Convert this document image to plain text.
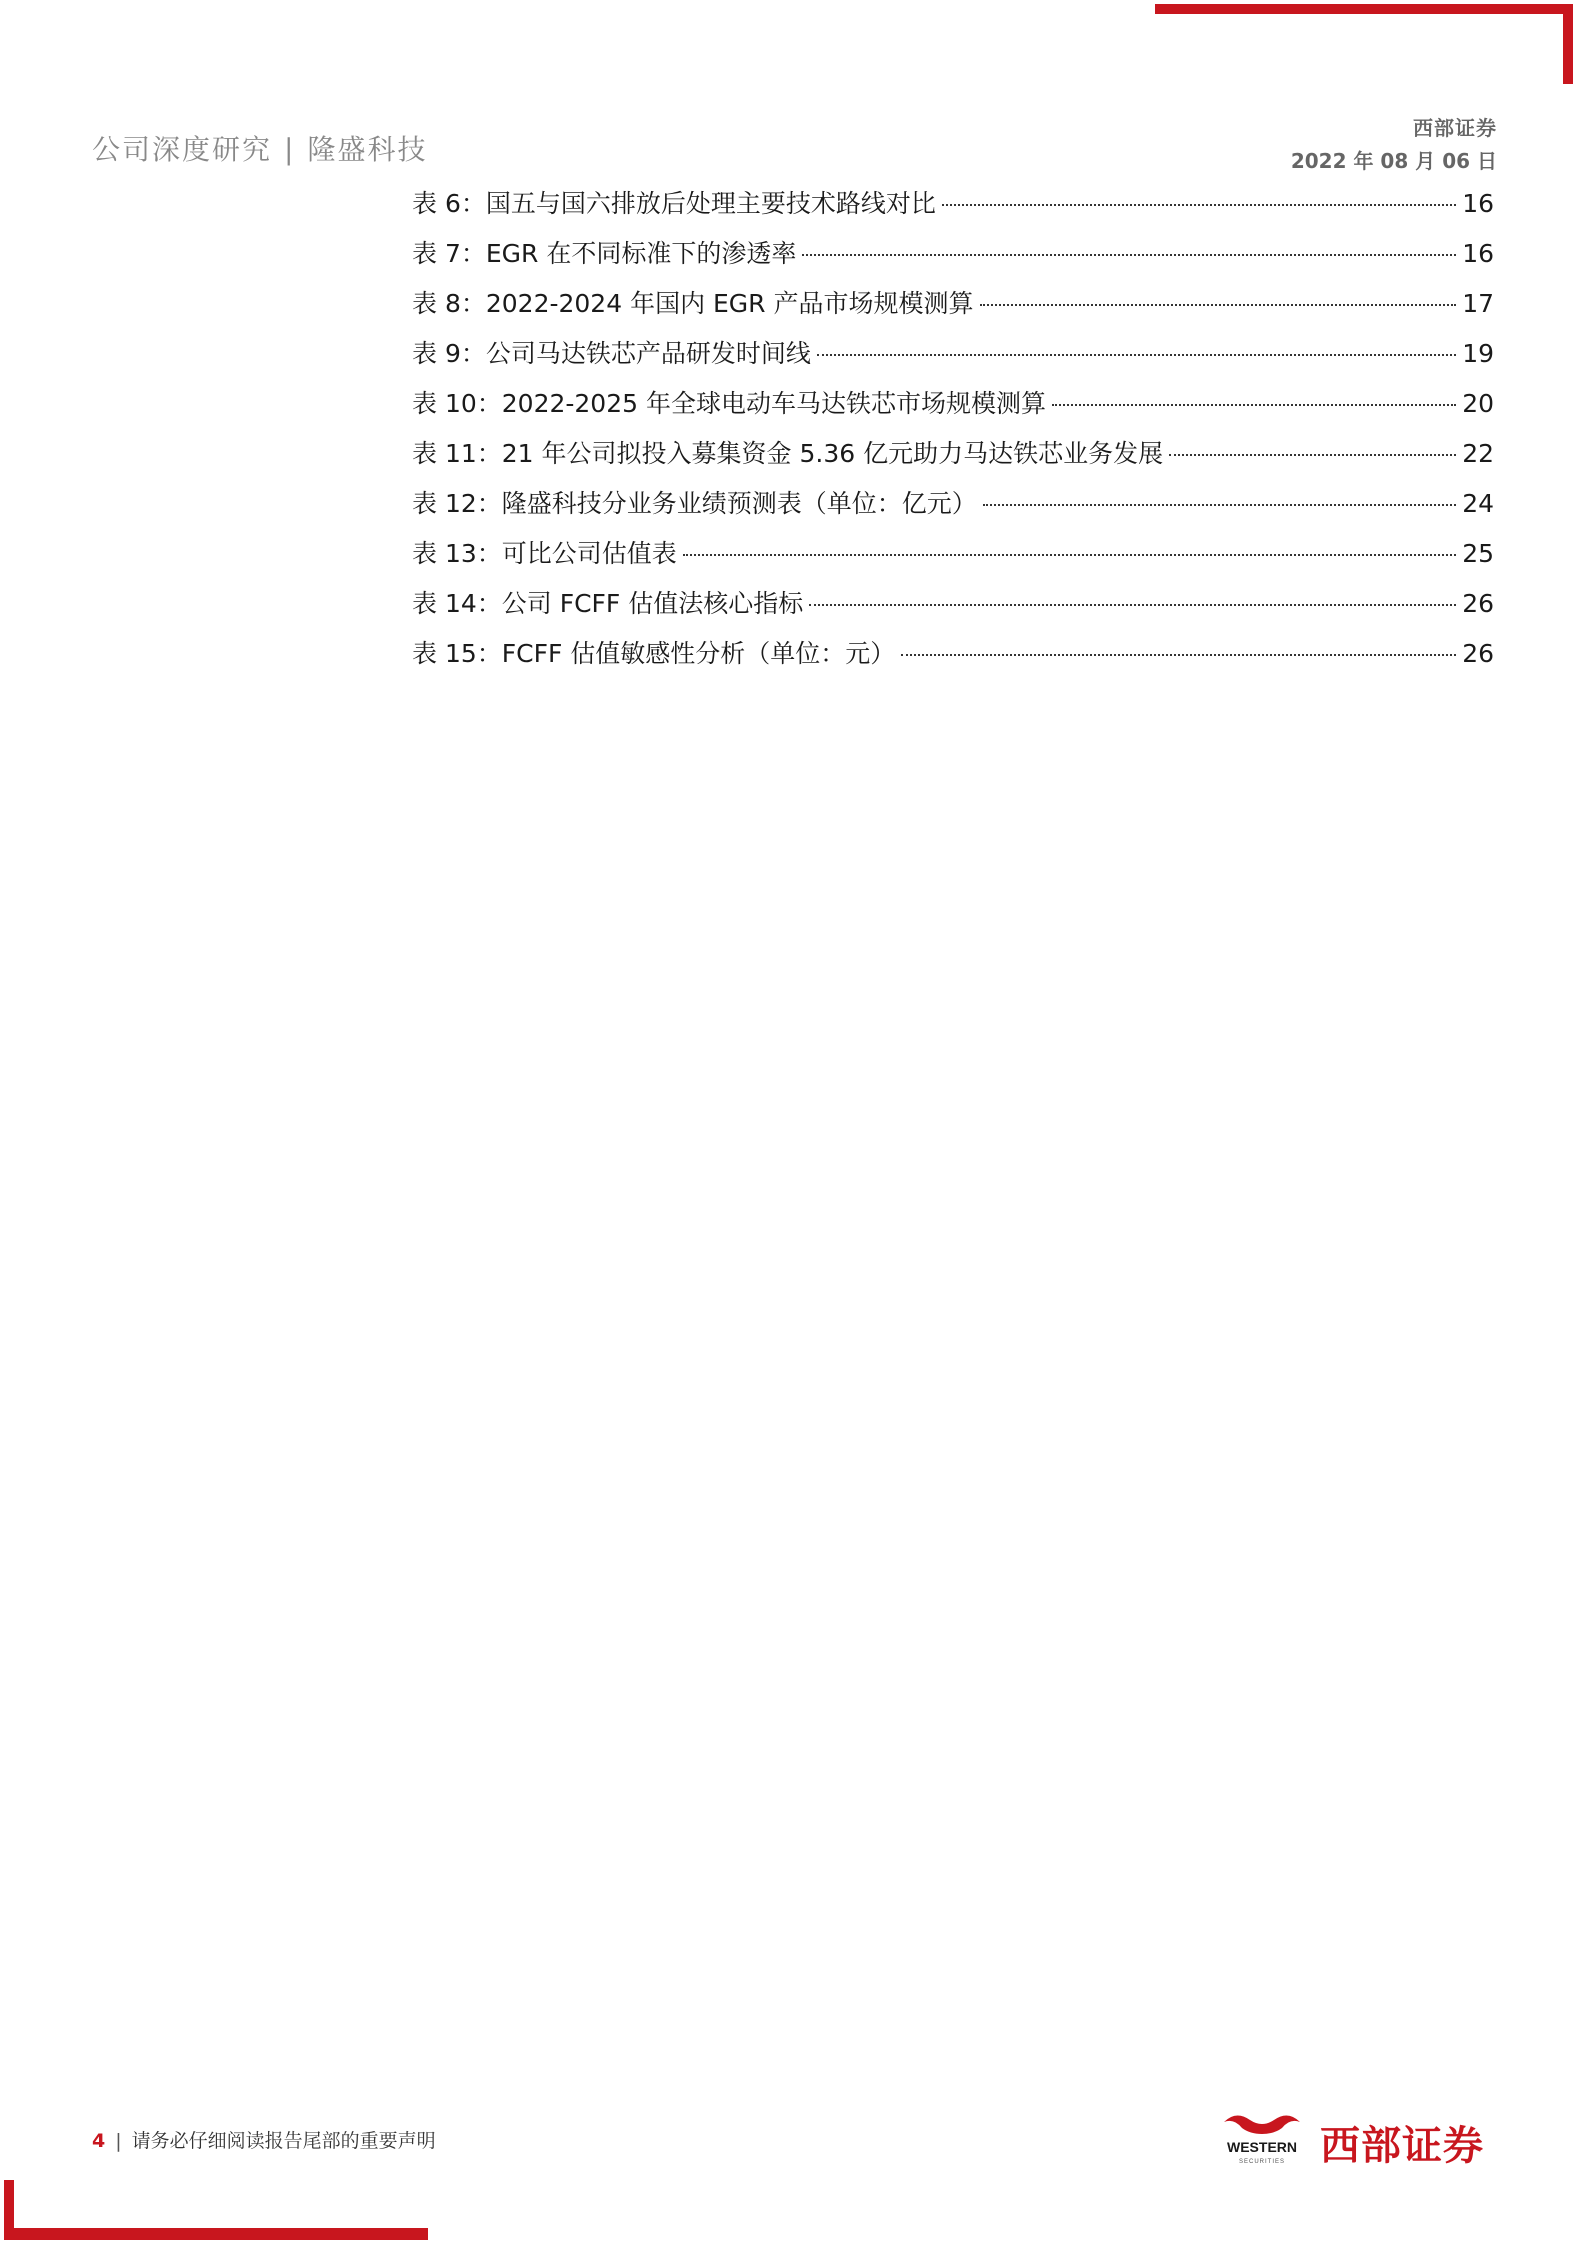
公司深度研究 | 隆盛科技
西部证券
2022 年 08 月 06 日
表 6：国五与国六排放后处理主要技术路线对比	16
表 7：EGR 在不同标准下的渗透率	16
表 8：2022-2024 年国内 EGR 产品市场规模测算	17
表 9：公司马达铁芯产品研发时间线	19
表 10：2022-2025 年全球电动车马达铁芯市场规模测算	20
表 11：21 年公司拟投入募集资金 5.36 亿元助力马达铁芯业务发展	22
表 12：隆盛科技分业务业绩预测表（单位：亿元）	24
表 13：可比公司估值表	25
表 14：公司 FCFF 估值法核心指标	26
表 15：FCFF 估值敏感性分析（单位：元）	26
4 | 请务必仔细阅读报告尾部的重要声明	WESTERN
SECURITIES 西部证券
